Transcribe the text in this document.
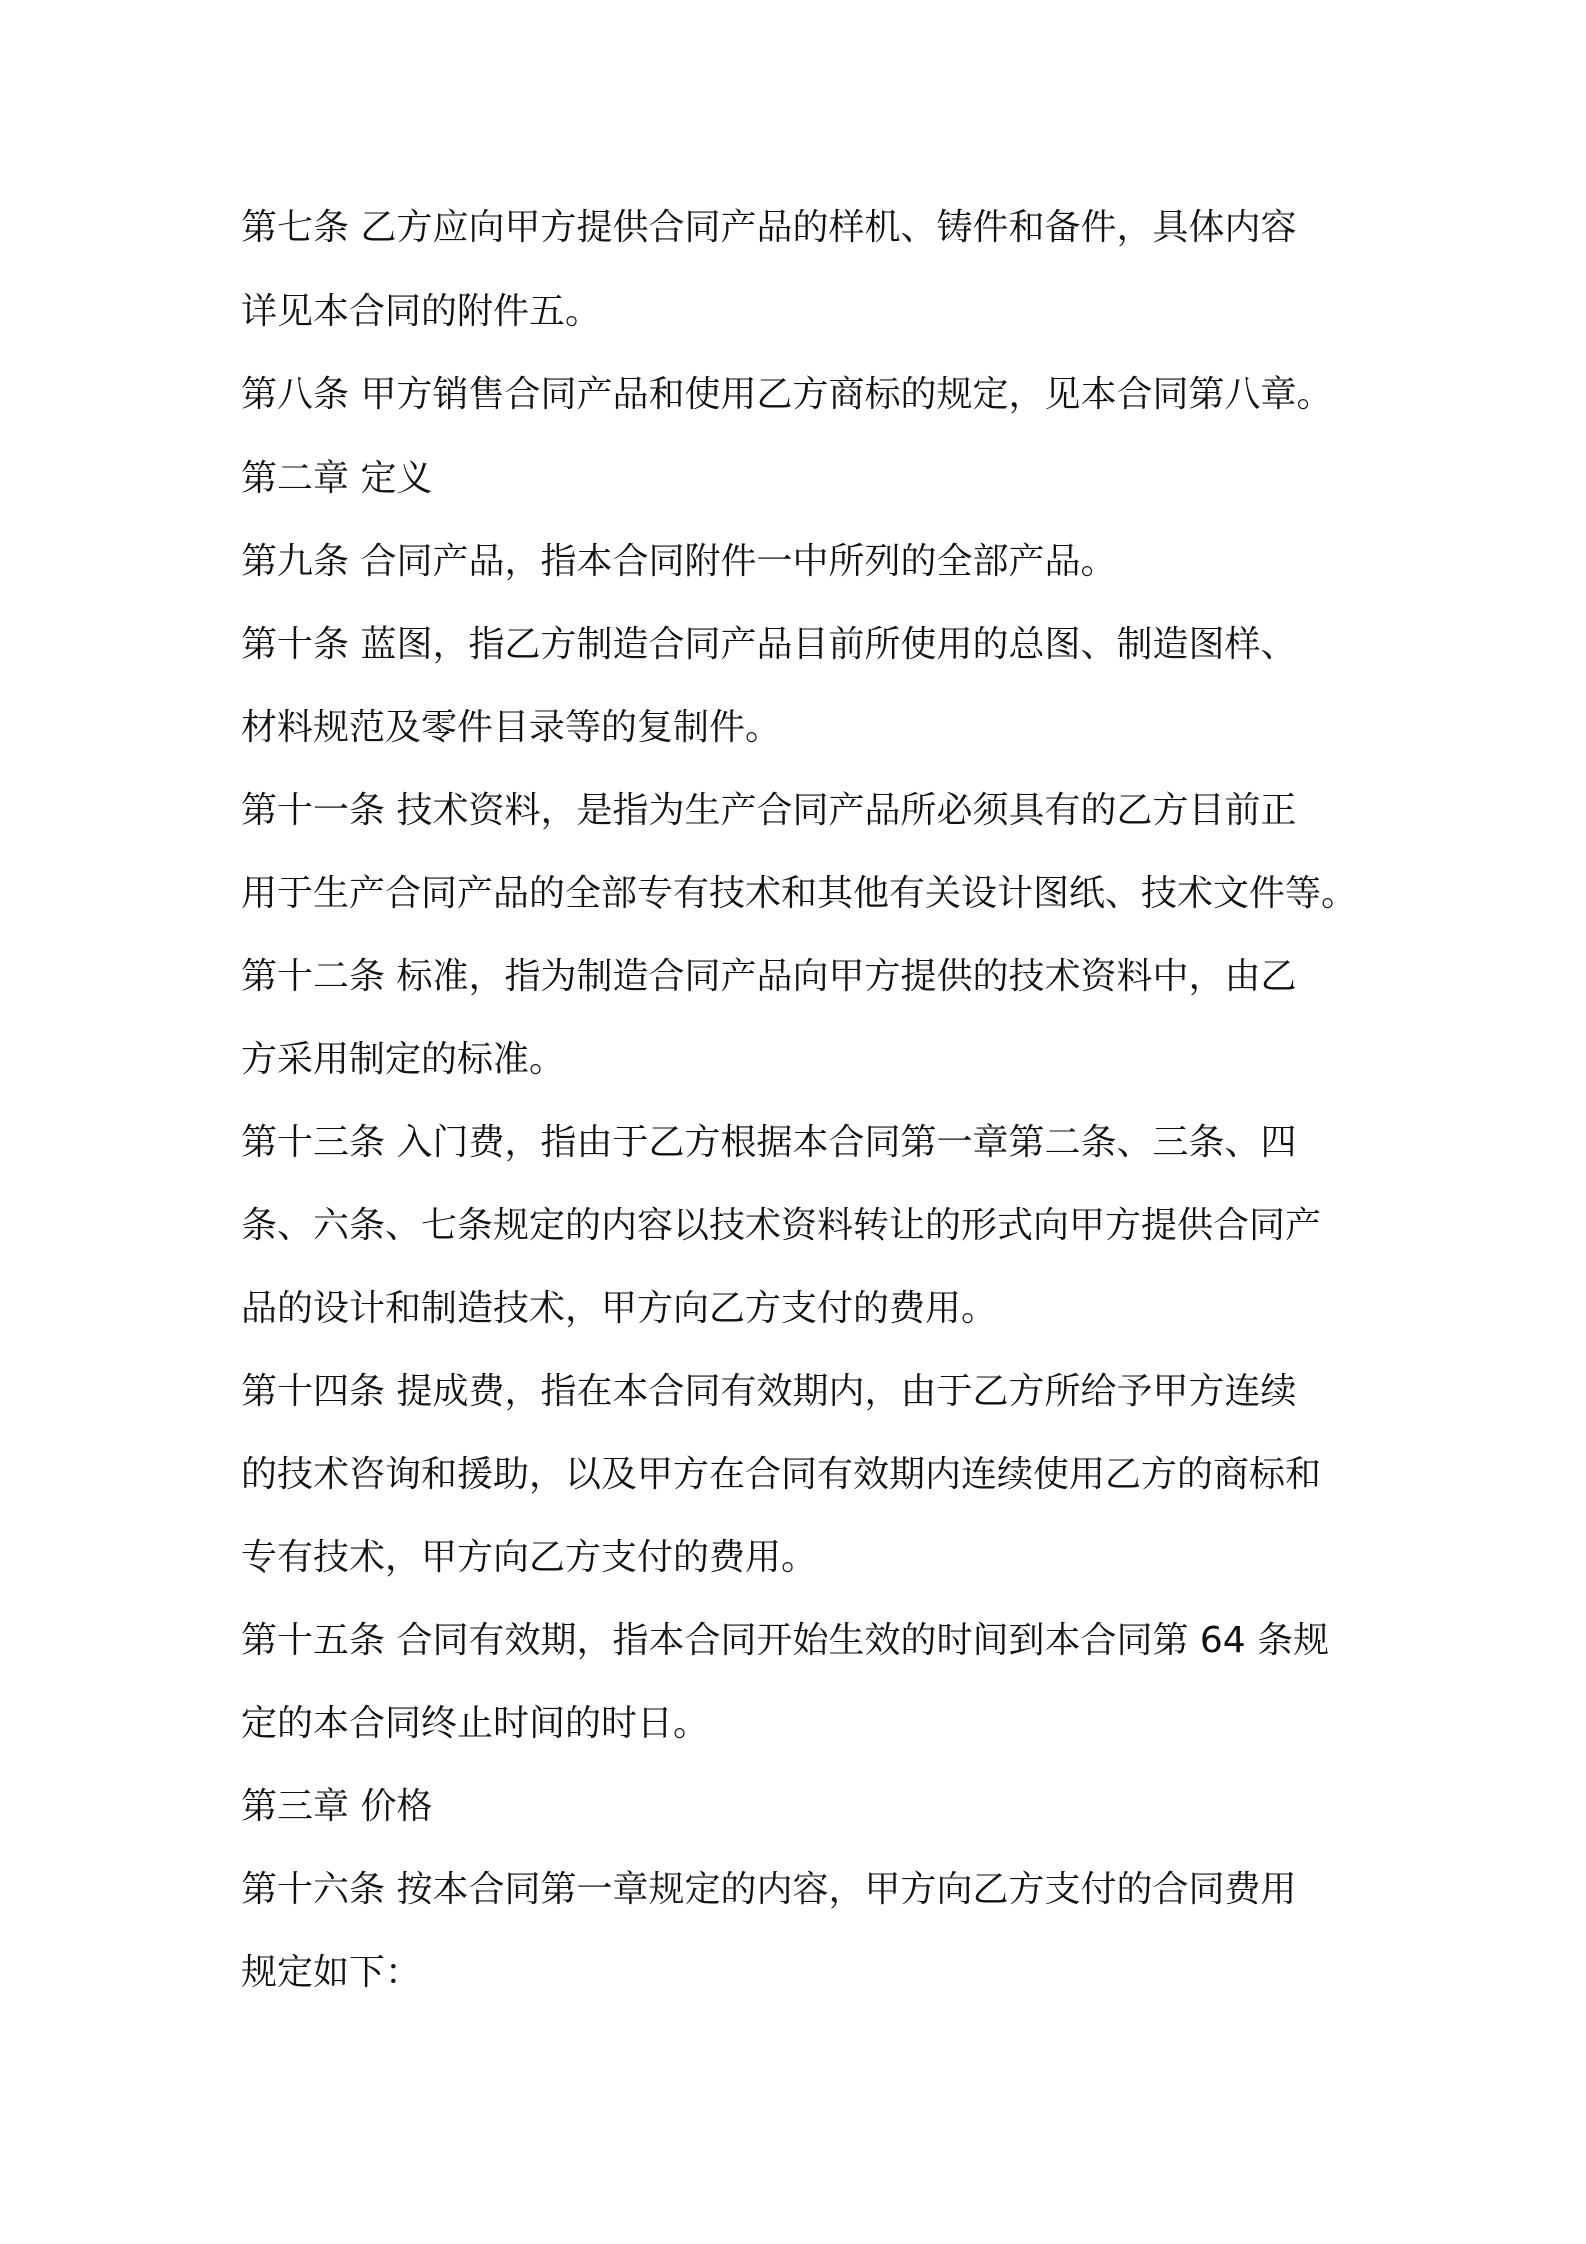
第七条 乙方应向甲方提供合同产品的样机、铸件和备件，具体内容
详见本合同的附件五。
第八条 甲方销售合同产品和使用乙方商标的规定，见本合同第八章。
第二章 定义
第九条 合同产品，指本合同附件一中所列的全部产品。
第十条 蓝图，指乙方制造合同产品目前所使用的总图、制造图样、
材料规范及零件目录等的复制件。
第十一条 技术资料，是指为生产合同产品所必须具有的乙方目前正
用于生产合同产品的全部专有技术和其他有关设计图纸、技术文件等。
第十二条 标准，指为制造合同产品向甲方提供的技术资料中，由乙
方采用制定的标准。
第十三条 入门费，指由于乙方根据本合同第一章第二条、三条、四
条、六条、七条规定的内容以技术资料转让的形式向甲方提供合同产
品的设计和制造技术，甲方向乙方支付的费用。
第十四条 提成费，指在本合同有效期内，由于乙方所给予甲方连续
的技术咨询和援助，以及甲方在合同有效期内连续使用乙方的商标和
专有技术，甲方向乙方支付的费用。
第十五条 合同有效期，指本合同开始生效的时间到本合同第 64 条规
定的本合同终止时间的时日。
第三章 价格
第十六条 按本合同第一章规定的内容，甲方向乙方支付的合同费用
规定如下：
